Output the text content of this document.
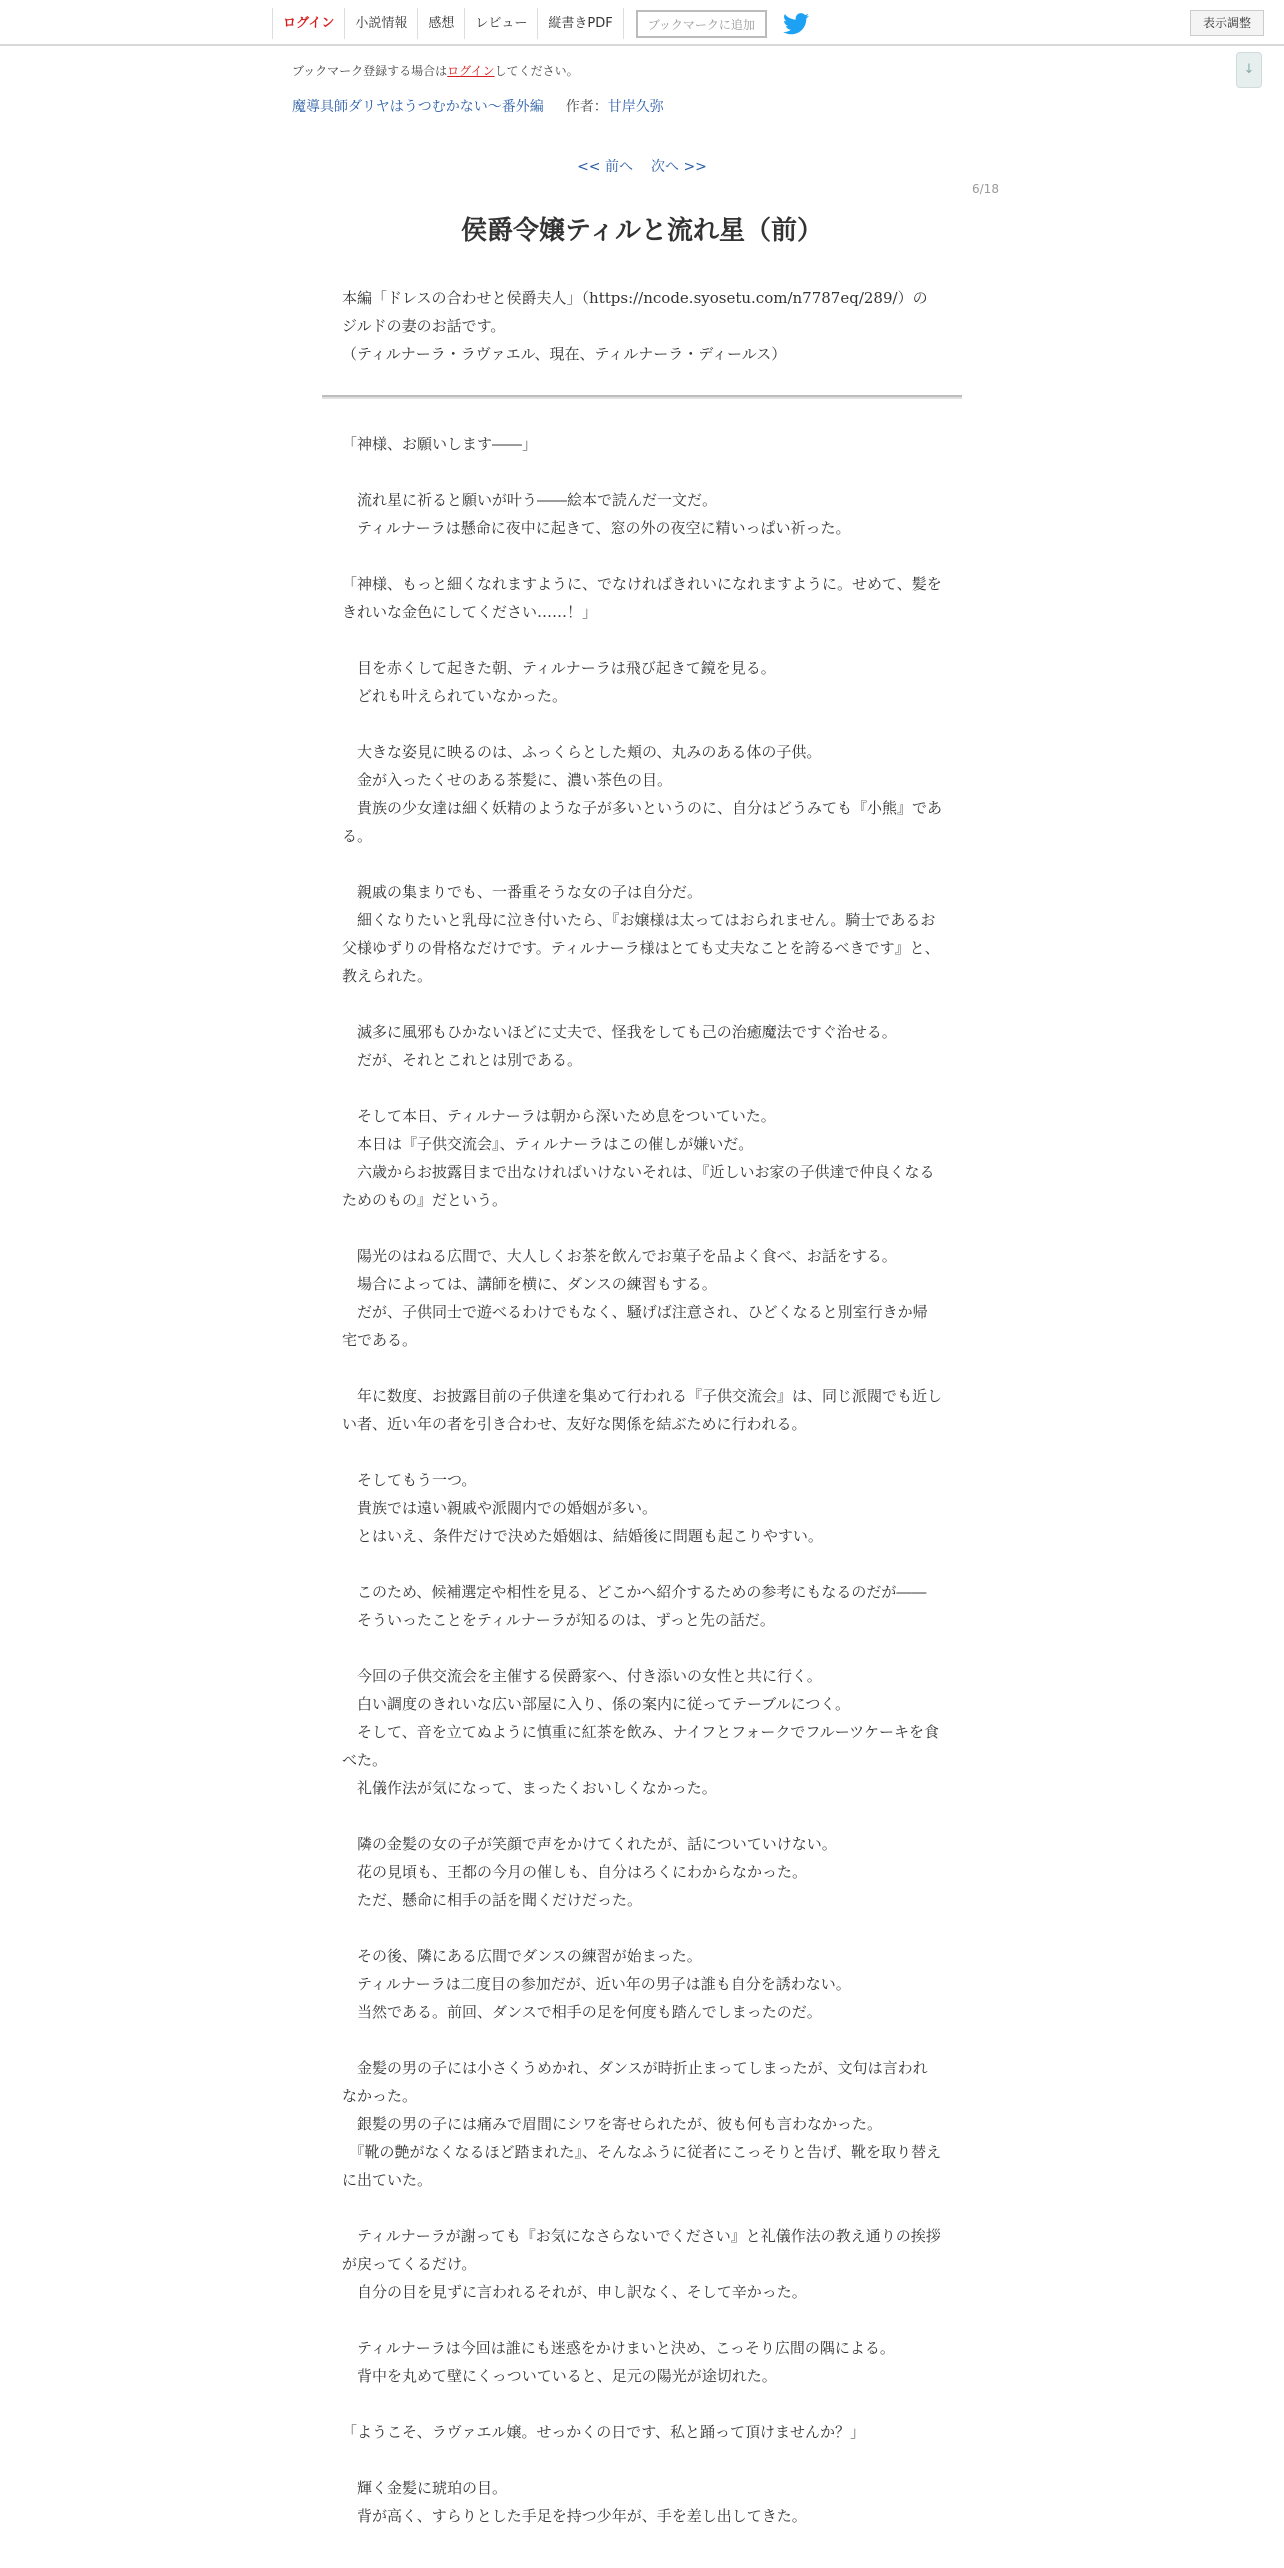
ログイン	小説情報	感想	レビュー	縦書きPDF	ブックマークに追加	表示調整
↓
ブックマーク登録する場合はログインしてください。
魔導具師ダリヤはうつむかない～番外編 作者：甘岸久弥
<< 前へ 次へ >>
6/18
侯爵令嬢ティルと流れ星（前）

本編「ドレスの合わせと侯爵夫人」（https://ncode.syosetu.com/n7787eq/289/）のジルドの妻のお話です。

（ティルナーラ・ラヴァエル、現在、ティルナーラ・ディールス）

「神様、お願いします――」

　流れ星に祈ると願いが叶う――絵本で読んだ一文だ。

　ティルナーラは懸命に夜中に起きて、窓の外の夜空に精いっぱい祈った。

「神様、もっと細くなれますように、でなければきれいになれますように。せめて、髪をきれいな金色にしてください……！」

　目を赤くして起きた朝、ティルナーラは飛び起きて鏡を見る。

　どれも叶えられていなかった。

　大きな姿見に映るのは、ふっくらとした頬の、丸みのある体の子供。

　金が入ったくせのある茶髪に、濃い茶色の目。

　貴族の少女達は細く妖精のような子が多いというのに、自分はどうみても『小熊』である。

　親戚の集まりでも、一番重そうな女の子は自分だ。

　細くなりたいと乳母に泣き付いたら、『お嬢様は太ってはおられません。騎士であるお父様ゆずりの骨格なだけです。ティルナーラ様はとても丈夫なことを誇るべきです』と、教えられた。

　滅多に風邪もひかないほどに丈夫で、怪我をしても己の治癒魔法ですぐ治せる。

　だが、それとこれとは別である。

　そして本日、ティルナーラは朝から深いため息をついていた。

　本日は『子供交流会』、ティルナーラはこの催しが嫌いだ。

　六歳からお披露目まで出なければいけないそれは、『近しいお家の子供達で仲良くなるためのもの』だという。

　陽光のはねる広間で、大人しくお茶を飲んでお菓子を品よく食べ、お話をする。

　場合によっては、講師を横に、ダンスの練習もする。

　だが、子供同士で遊べるわけでもなく、騒げば注意され、ひどくなると別室行きか帰宅である。

　年に数度、お披露目前の子供達を集めて行われる『子供交流会』は、同じ派閥でも近しい者、近い年の者を引き合わせ、友好な関係を結ぶために行われる。

　そしてもう一つ。

　貴族では遠い親戚や派閥内での婚姻が多い。

　とはいえ、条件だけで決めた婚姻は、結婚後に問題も起こりやすい。

　このため、候補選定や相性を見る、どこかへ紹介するための参考にもなるのだが――

　そういったことをティルナーラが知るのは、ずっと先の話だ。

　今回の子供交流会を主催する侯爵家へ、付き添いの女性と共に行く。

　白い調度のきれいな広い部屋に入り、係の案内に従ってテーブルにつく。

　そして、音を立てぬように慎重に紅茶を飲み、ナイフとフォークでフルーツケーキを食べた。

　礼儀作法が気になって、まったくおいしくなかった。

　隣の金髪の女の子が笑顔で声をかけてくれたが、話についていけない。

　花の見頃も、王都の今月の催しも、自分はろくにわからなかった。

　ただ、懸命に相手の話を聞くだけだった。

　その後、隣にある広間でダンスの練習が始まった。

　ティルナーラは二度目の参加だが、近い年の男子は誰も自分を誘わない。

　当然である。前回、ダンスで相手の足を何度も踏んでしまったのだ。

　金髪の男の子には小さくうめかれ、ダンスが時折止まってしまったが、文句は言われなかった。

　銀髪の男の子には痛みで眉間にシワを寄せられたが、彼も何も言わなかった。

　『靴の艶がなくなるほど踏まれた』、そんなふうに従者にこっそりと告げ、靴を取り替えに出ていた。

　ティルナーラが謝っても『お気になさらないでください』と礼儀作法の教え通りの挨拶が戻ってくるだけ。

　自分の目を見ずに言われるそれが、申し訳なく、そして辛かった。

　ティルナーラは今回は誰にも迷惑をかけまいと決め、こっそり広間の隅による。

　背中を丸めて壁にくっついていると、足元の陽光が途切れた。

「ようこそ、ラヴァエル嬢。せっかくの日です、私と踊って頂けませんか？」

　輝く金髪に琥珀の目。

　背が高く、すらりとした手足を持つ少年が、手を差し出してきた。
